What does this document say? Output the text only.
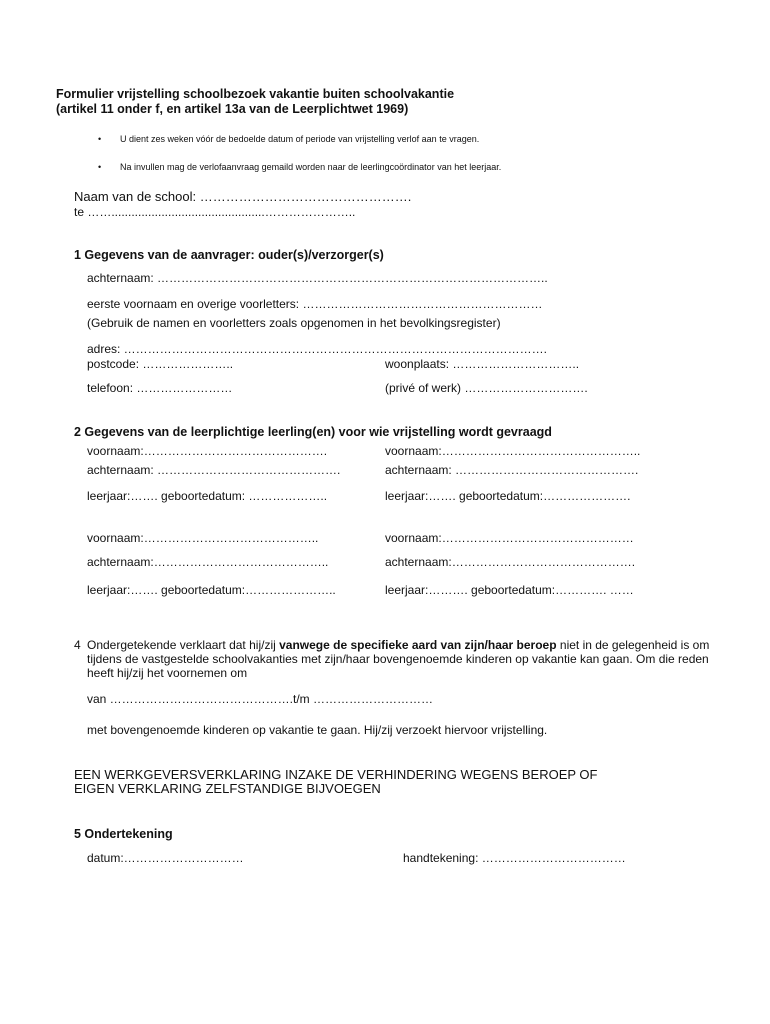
Formulier vrijstelling schoolbezoek vakantie buiten schoolvakantie
(artikel 11 onder f, en artikel 13a van de Leerplichtwet 1969)
• U dient zes weken vóór de bedoelde datum of periode van vrijstelling verlof aan te vragen.
• Na invullen mag de verlofaanvraag gemaild worden naar de leerlingcoördinator van het leerjaar.
Naam van de school: ………………………………………….
te ……..............................................…………………..
1 Gegevens van de aanvrager: ouder(s)/verzorger(s)
achternaam: ……………………………………………………………………………………..
eerste voornaam en overige voorletters: ……………………………………………………
(Gebruik de namen en voorletters zoals opgenomen in het bevolkingsregister)
adres: …………………………………………………………………………………………….
postcode: …………………..	woonplaats: …………………………..
telefoon: ……………………	(privé of werk) ………………………….
2 Gegevens van de leerplichtige leerling(en) voor wie vrijstelling wordt gevraagd
voornaam:……………………………………….	voornaam:…………………………………………..
achternaam: ……………………………………….	achternaam: ……………………………………….
leerjaar:……. geboortedatum: ………………..	leerjaar:……. geboortedatum:………………….
voornaam:……………………………………..	voornaam:…………………………………………
achternaam:……………………………………..	achternaam:……………………………………….
leerjaar:……. geboortedatum:…………………..	leerjaar:………. geboortedatum:…………. ……
4 Ondergetekende verklaart dat hij/zij vanwege de specifieke aard van zijn/haar beroep niet in de gelegenheid is om tijdens de vastgestelde schoolvakanties met zijn/haar bovengenoemde kinderen op vakantie kan gaan. Om die reden heeft hij/zij het voornemen om
van ……………………………………….t/m …………………………
met bovengenoemde kinderen op vakantie te gaan. Hij/zij verzoekt hiervoor vrijstelling.
EEN WERKGEVERSVERKLARING INZAKE DE VERHINDERING WEGENS BEROEP OF
EIGEN VERKLARING ZELFSTANDIGE BIJVOEGEN
5 Ondertekening
datum:…………………………	handtekening: ………………………………
